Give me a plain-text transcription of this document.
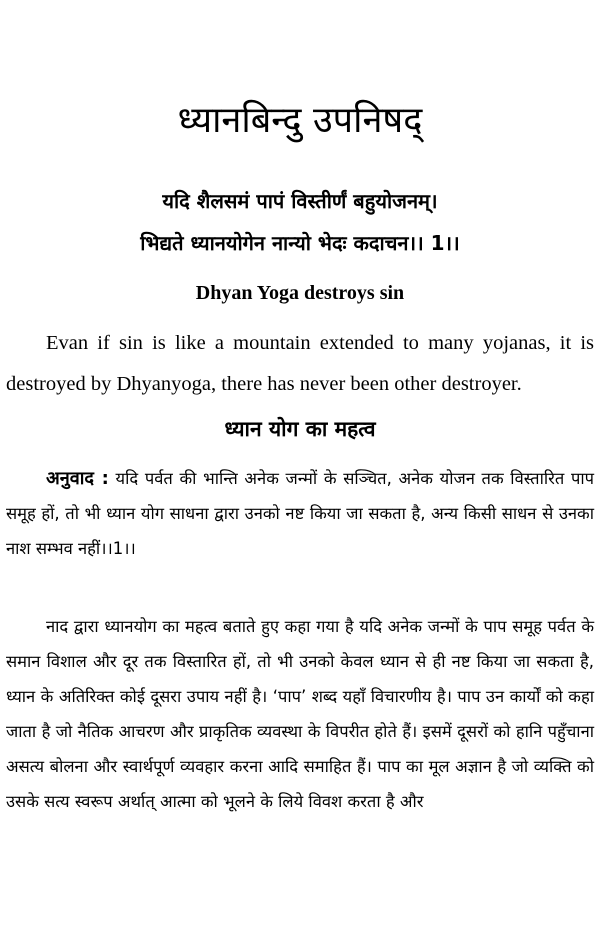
ध्यानबिन्दु उपनिषद्

यदि शैलसमं पापं विस्तीर्णं बहुयोजनम्।

भिद्यते ध्यानयोगेन नान्यो भेदः कदाचन।। 1।।

Dhyan Yoga destroys sin

Evan if sin is like a mountain extended to many yojanas, it is destroyed by Dhyanyoga, there has never been other destroyer.

ध्यान योग का महत्व

अनुवाद : यदि पर्वत की भान्ति अनेक जन्मों के सञ्चित, अनेक योजन तक विस्तारित पाप समूह हों, तो भी ध्यान योग साधना द्वारा उनको नष्ट किया जा सकता है, अन्य किसी साधन से उनका नाश सम्भव नहीं।।1।।

नाद द्वारा ध्यानयोग का महत्व बताते हुए कहा गया है यदि अनेक जन्मों के पाप समूह पर्वत के समान विशाल और दूर तक विस्तारित हों, तो भी उनको केवल ध्यान से ही नष्ट किया जा सकता है, ध्यान के अतिरिक्त कोई दूसरा उपाय नहीं है। ‘पाप’ शब्द यहाँ विचारणीय है। पाप उन कार्यों को कहा जाता है जो नैतिक आचरण और प्राकृतिक व्यवस्था के विपरीत होते हैं। इसमें दूसरों को हानि पहुँचाना असत्य बोलना और स्वार्थपूर्ण व्यवहार करना आदि समाहित हैं। पाप का मूल अज्ञान है जो व्यक्ति को उसके सत्य स्वरूप अर्थात् आत्मा को भूलने के लिये विवश करता है और
